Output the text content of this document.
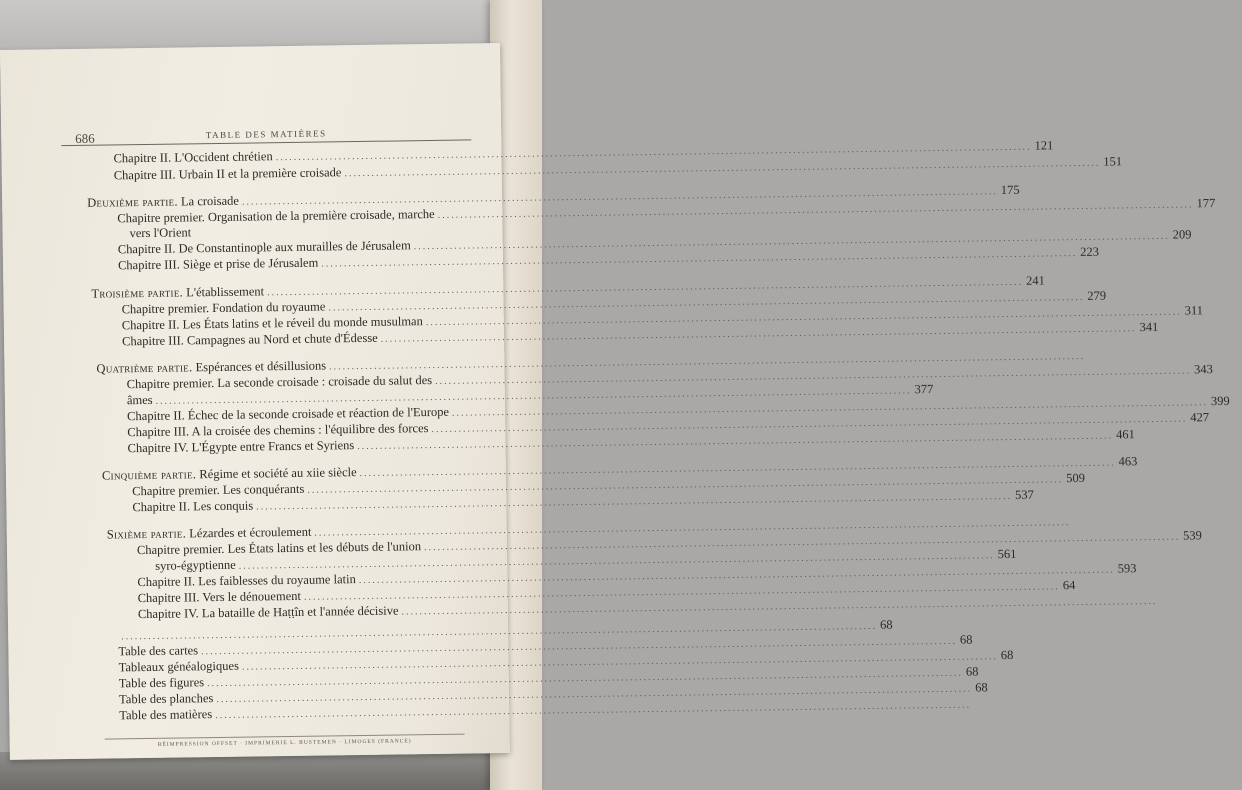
686	TABLE DES MATIÈRES
Chapitre II. L'Occident chrétien
.....
121
Chapitre III. Urbain II et la première croisade
.....
151
Deuxième partie. La croisade
.....
175
Chapitre premier. Organisation de la première croisade, marche
.....
177
vers l'Orient
Chapitre II. De Constantinople aux murailles de Jérusalem
.....
209
Chapitre III. Siège et prise de Jérusalem
.....
223
Troisième partie. L'établissement
.....
241
Chapitre premier. Fondation du royaume
.....
279
Chapitre II. Les États latins et le réveil du monde musulman
.....
311
Chapitre III. Campagnes au Nord et chute d'Édesse
.....
341
Quatrième partie. Espérances et désillusions
.....
Chapitre premier. La seconde croisade : croisade du salut des
.....
343
âmes
.....
377
Chapitre II. Échec de la seconde croisade et réaction de l'Europe
.....
399
Chapitre III. A la croisée des chemins : l'équilibre des forces
.....
427
Chapitre IV. L'Égypte entre Francs et Syriens
.....
461
Cinquième partie. Régime et société au xiie siècle
.....
463
Chapitre premier. Les conquérants
.....
509
Chapitre II. Les conquis
.....
537
Sixième partie. Lézardes et écroulement
.....
Chapitre premier. Les États latins et les débuts de l'union
.....
539
syro-égyptienne
.....
561
Chapitre II. Les faiblesses du royaume latin
.....
593
Chapitre III. Vers le dénouement
.....
64
Chapitre IV. La bataille de Haṭṭîn et l'année décisive
.....
.....
68
Table des cartes
.....
68
Tableaux généalogiques
.....
68
Table des figures
.....
68
Table des planches
.....
68
Table des matières
.....
RÉIMPRESSION OFFSET · IMPRIMERIE L. BUSTEMEN · LIMOGES (FRANCE)
